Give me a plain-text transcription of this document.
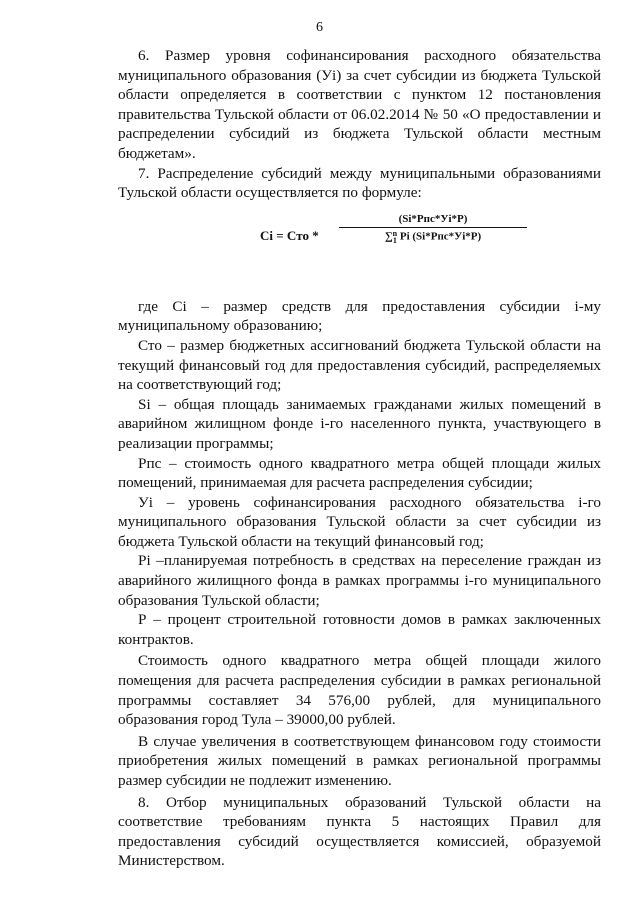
6

6. Размер уровня софинансирования расходного обязательства муниципального образования (Уi) за счет субсидии из бюджета Тульской области определяется в соответствии с пунктом 12 постановления правительства Тульской области от 06.02.2014 № 50 «О предоставлении и распределении субсидий из бюджета Тульской области местным бюджетам».

7. Распределение субсидий между муниципальными образованиями Тульской области осуществляется по формуле:

Ci = Cто *
(Si*Pпс*Уi*P)
∑ n
1 Pi (Si*Pпс*Уi*P)

где Сi – размер средств для предоставления субсидии i-му муниципальному образованию;

Сто – размер бюджетных ассигнований бюджета Тульской области на текущий финансовый год для предоставления субсидий, распределяемых на соответствующий год;

Si – общая площадь занимаемых гражданами жилых помещений в аварийном жилищном фонде i-го населенного пункта, участвующего в реализации программы;

Рпс – стоимость одного квадратного метра общей площади жилых помещений, принимаемая для расчета распределения субсидии;

Уi – уровень софинансирования расходного обязательства i-го муниципального образования Тульской области за счет субсидии из бюджета Тульской области на текущий финансовый год;

Рi –планируемая потребность в средствах на переселение граждан из аварийного жилищного фонда в рамках программы i-го муниципального образования Тульской области;

Р – процент строительной готовности домов в рамках заключенных контрактов.

Стоимость одного квадратного метра общей площади жилого помещения для расчета распределения субсидии в рамках региональной программы составляет 34 576,00 рублей, для муниципального образования город Тула – 39000,00 рублей.

В случае увеличения в соответствующем финансовом году стоимости приобретения жилых помещений в рамках региональной программы размер субсидии не подлежит изменению.

8. Отбор муниципальных образований Тульской области на соответствие требованиям пункта 5 настоящих Правил для предоставления субсидий осуществляется комиссией, образуемой Министерством.
